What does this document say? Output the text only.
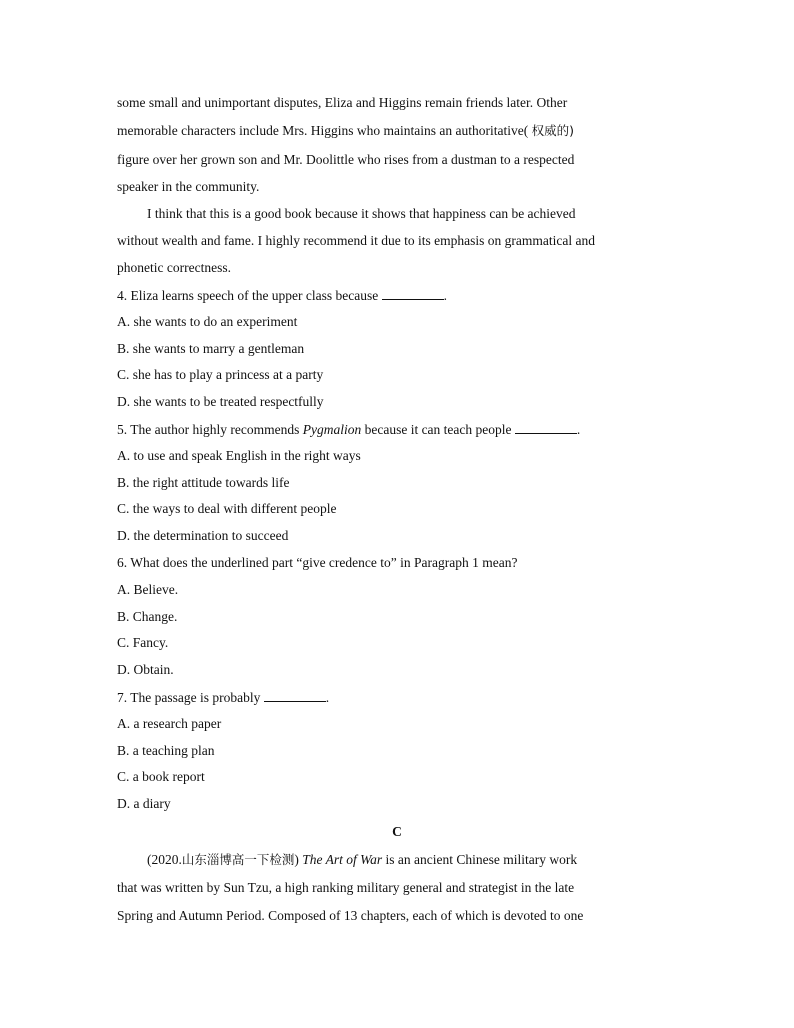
some small and unimportant disputes, Eliza and Higgins remain friends later. Other
memorable characters include Mrs. Higgins who maintains an authoritative( 权威的)
figure over her grown son and Mr. Doolittle who rises from a dustman to a respected
speaker in the community.
I think that this is a good book because it shows that happiness can be achieved
without wealth and fame. I highly recommend it due to its emphasis on grammatical and
phonetic correctness.
4. Eliza learns speech of the upper class because	.
A. she wants to do an experiment
B. she wants to marry a gentleman
C. she has to play a princess at a party
D. she wants to be treated respectfully
5. The author highly recommends Pygmalion because it can teach people	.
A. to use and speak English in the right ways
B. the right attitude towards life
C. the ways to deal with different people
D. the determination to succeed
6. What does the underlined part “give credence to” in Paragraph 1 mean?
A. Believe.
B. Change.
C. Fancy.
D. Obtain.
7. The passage is probably	.
A. a research paper
B. a teaching plan
C. a book report
D. a diary
C
(2020.山东淄博高一下检测) The Art of War is an ancient Chinese military work
that was written by Sun Tzu, a high ranking military general and strategist in the late
Spring and Autumn Period. Composed of 13 chapters, each of which is devoted to one
